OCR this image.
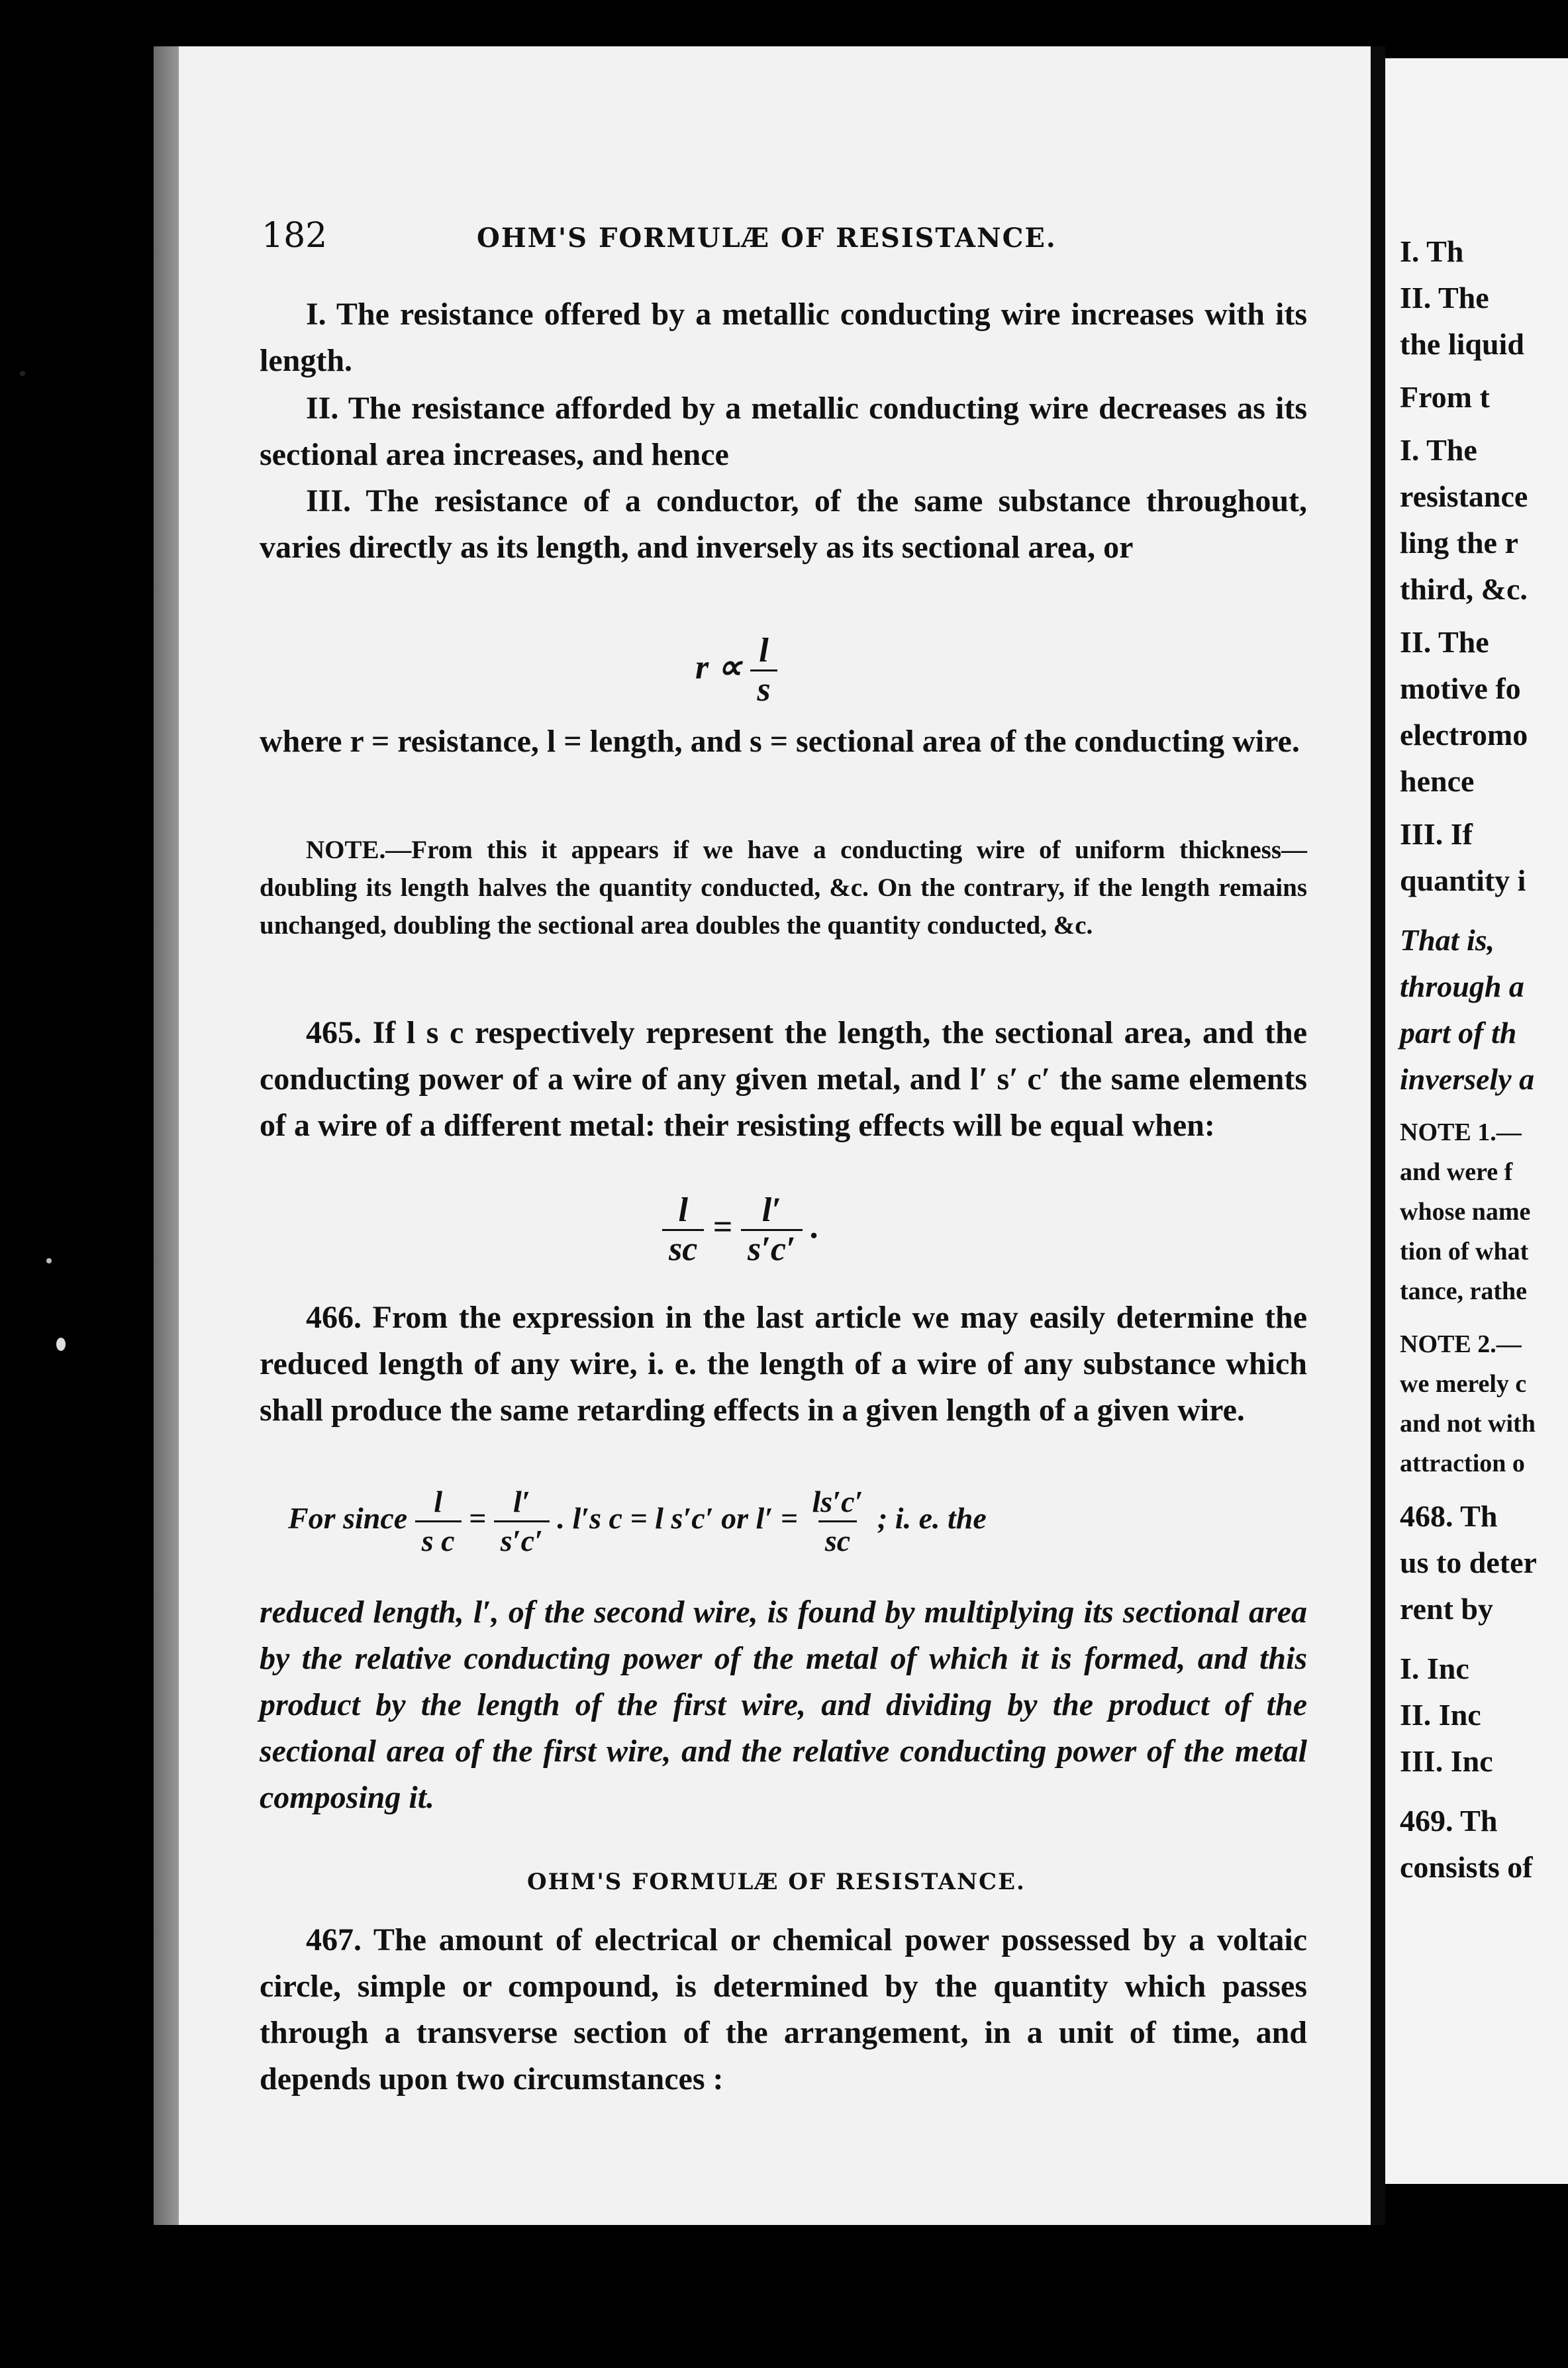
I. Th
II. The
the liquid
From t
I. The
resistance
ling the r
third, &c.
II. The
motive fo
electromo
hence
III. If
quantity i
That is,
through a
part of th
inversely a
NOTE 1.—
and were f
whose name
tion of what
tance, rathe
NOTE 2.—
we merely c
and not with
attraction o
468. Th
us to deter
rent by
I. Inc
II. Inc
III. Inc
469. Th
consists of
182	OHM'S FORMULÆ OF RESISTANCE.
I. The resistance offered by a metallic conducting wire increases with its length.
II. The resistance afforded by a metallic conducting wire decreases as its sectional area increases, and hence
III. The resistance of a conductor, of the same substance throughout, varies directly as its length, and inversely as its sectional area, or
$r \propto \frac{l}{s}$
where r = resistance, l = length, and s = sectional area of the conducting wire.
NOTE.—From this it appears if we have a conducting wire of uniform thickness—doubling its length halves the quantity conducted, &c. On the contrary, if the length remains unchanged, doubling the sectional area doubles the quantity conducted, &c.
465. If l s c respectively represent the length, the sectional area, and the conducting power of a wire of any given metal, and l′ s′ c′ the same elements of a wire of a different metal: their resisting effects will be equal when:
$\frac{l}{sc} = \frac{l'}{s'c'}$ .
466. From the expression in the last article we may easily determine the reduced length of any wire, i. e. the length of a wire of any substance which shall produce the same retarding effects in a given length of a given wire.
For since $\frac{l}{\text{s c}} = \frac{l'}{s'c'}$ . l′s c = l s′c′ or $l' = \frac{ls'c'}{sc}$ ; i. e. the
reduced length, l′, of the second wire, is found by multiplying its sectional area by the relative conducting power of the metal of which it is formed, and this product by the length of the first wire, and dividing by the product of the sectional area of the first wire, and the relative conducting power of the metal composing it.
OHM'S FORMULÆ OF RESISTANCE.
467. The amount of electrical or chemical power possessed by a voltaic circle, simple or compound, is determined by the quantity which passes through a transverse section of the arrangement, in a unit of time, and depends upon two circumstances :
